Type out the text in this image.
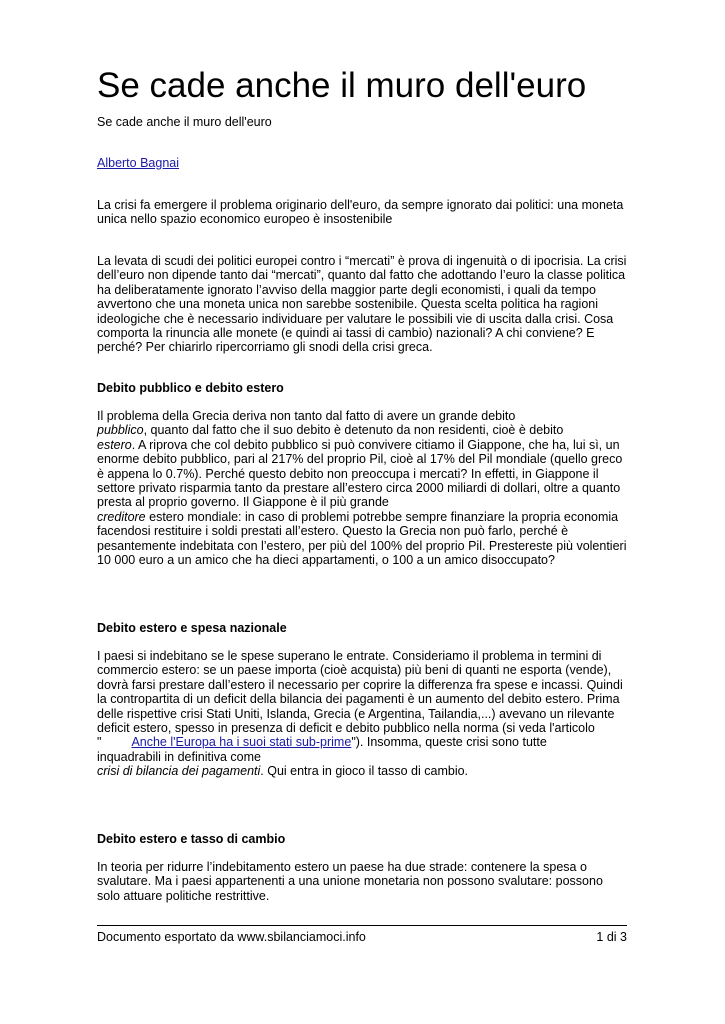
Se cade anche il muro dell'euro

Se cade anche il muro dell'euro

Alberto Bagnai

La crisi fa emergere il problema originario dell'euro, da sempre ignorato dai politici: una moneta unica nello spazio economico europeo è insostenibile

La levata di scudi dei politici europei contro i “mercati” è prova di ingenuità o di ipocrisia. La crisi dell’euro non dipende tanto dai “mercati”, quanto dal fatto che adottando l’euro la classe politica ha deliberatamente ignorato l’avviso della maggior parte degli economisti, i quali da tempo avvertono che una moneta unica non sarebbe sostenibile. Questa scelta politica ha ragioni ideologiche che è necessario individuare per valutare le possibili vie di uscita dalla crisi. Cosa comporta la rinuncia alle monete (e quindi ai tassi di cambio) nazionali? A chi conviene? E perché? Per chiarirlo ripercorriamo gli snodi della crisi greca.

Debito pubblico e debito estero

Il problema della Grecia deriva non tanto dal fatto di avere un grande debito
pubblico, quanto dal fatto che il suo debito è detenuto da non residenti, cioè è debito
estero. A riprova che col debito pubblico si può convivere citiamo il Giappone, che ha, lui sì, un enorme debito pubblico, pari al 217% del proprio Pil, cioè al 17% del Pil mondiale (quello greco è appena lo 0.7%). Perché questo debito non preoccupa i mercati? In effetti, in Giappone il settore privato risparmia tanto da prestare all’estero circa 2000 miliardi di dollari, oltre a quanto presta al proprio governo. Il Giappone è il più grande
creditore estero mondiale: in caso di problemi potrebbe sempre finanziare la propria economia facendosi restituire i soldi prestati all’estero. Questo la Grecia non può farlo, perché è pesantemente indebitata con l’estero, per più del 100% del proprio Pil. Prestereste più volentieri 10 000 euro a un amico che ha dieci appartamenti, o 100 a un amico disoccupato?

Debito estero e spesa nazionale

I paesi si indebitano se le spese superano le entrate. Consideriamo il problema in termini di commercio estero: se un paese importa (cioè acquista) più beni di quanti ne esporta (vende), dovrà farsi prestare dall’estero il necessario per coprire la differenza fra spese e incassi. Quindi la contropartita di un deficit della bilancia dei pagamenti è un aumento del debito estero. Prima delle rispettive crisi Stati Uniti, Islanda, Grecia (e Argentina, Tailandia,...) avevano un rilevante deficit estero, spesso in presenza di deficit e debito pubblico nella norma (si veda l'articolo
" Anche l'Europa ha i suoi stati sub-prime"). Insomma, queste crisi sono tutte
inquadrabili in definitiva come
crisi di bilancia dei pagamenti. Qui entra in gioco il tasso di cambio.

Debito estero e tasso di cambio

In teoria per ridurre l’indebitamento estero un paese ha due strade: contenere la spesa o svalutare. Ma i paesi appartenenti a una unione monetaria non possono svalutare: possono solo attuare politiche restrittive.

Documento esportato da www.sbilanciamoci.info	1 di 3
